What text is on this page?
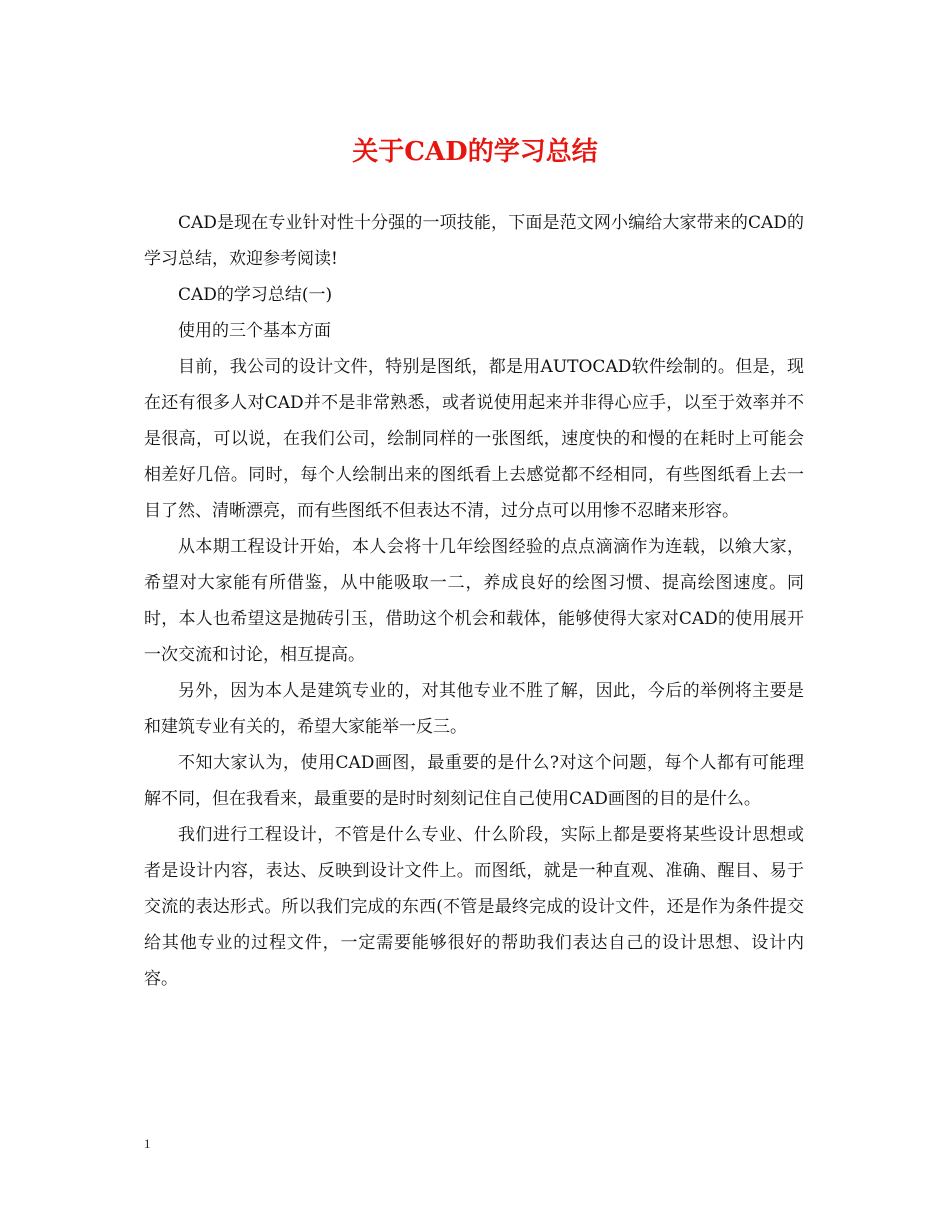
关于CAD的学习总结

CAD是现在专业针对性十分强的一项技能，下面是范文网小编给大家带来的CAD的学习总结，欢迎参考阅读!

CAD的学习总结(一)

使用的三个基本方面

目前，我公司的设计文件，特别是图纸，都是用AUTOCAD软件绘制的。但是，现在还有很多人对CAD并不是非常熟悉，或者说使用起来并非得心应手，以至于效率并不是很高，可以说，在我们公司，绘制同样的一张图纸，速度快的和慢的在耗时上可能会相差好几倍。同时，每个人绘制出来的图纸看上去感觉都不经相同，有些图纸看上去一目了然、清晰漂亮，而有些图纸不但表达不清，过分点可以用惨不忍睹来形容。

从本期工程设计开始，本人会将十几年绘图经验的点点滴滴作为连载，以飨大家，希望对大家能有所借鉴，从中能吸取一二，养成良好的绘图习惯、提高绘图速度。同时，本人也希望这是抛砖引玉，借助这个机会和载体，能够使得大家对CAD的使用展开一次交流和讨论，相互提高。

另外，因为本人是建筑专业的，对其他专业不胜了解，因此，今后的举例将主要是和建筑专业有关的，希望大家能举一反三。

不知大家认为，使用CAD画图，最重要的是什么?对这个问题，每个人都有可能理解不同，但在我看来，最重要的是时时刻刻记住自己使用CAD画图的目的是什么。

我们进行工程设计，不管是什么专业、什么阶段，实际上都是要将某些设计思想或者是设计内容，表达、反映到设计文件上。而图纸，就是一种直观、准确、醒目、易于交流的表达形式。所以我们完成的东西(不管是最终完成的设计文件，还是作为条件提交给其他专业的过程文件，一定需要能够很好的帮助我们表达自己的设计思想、设计内容。

1
